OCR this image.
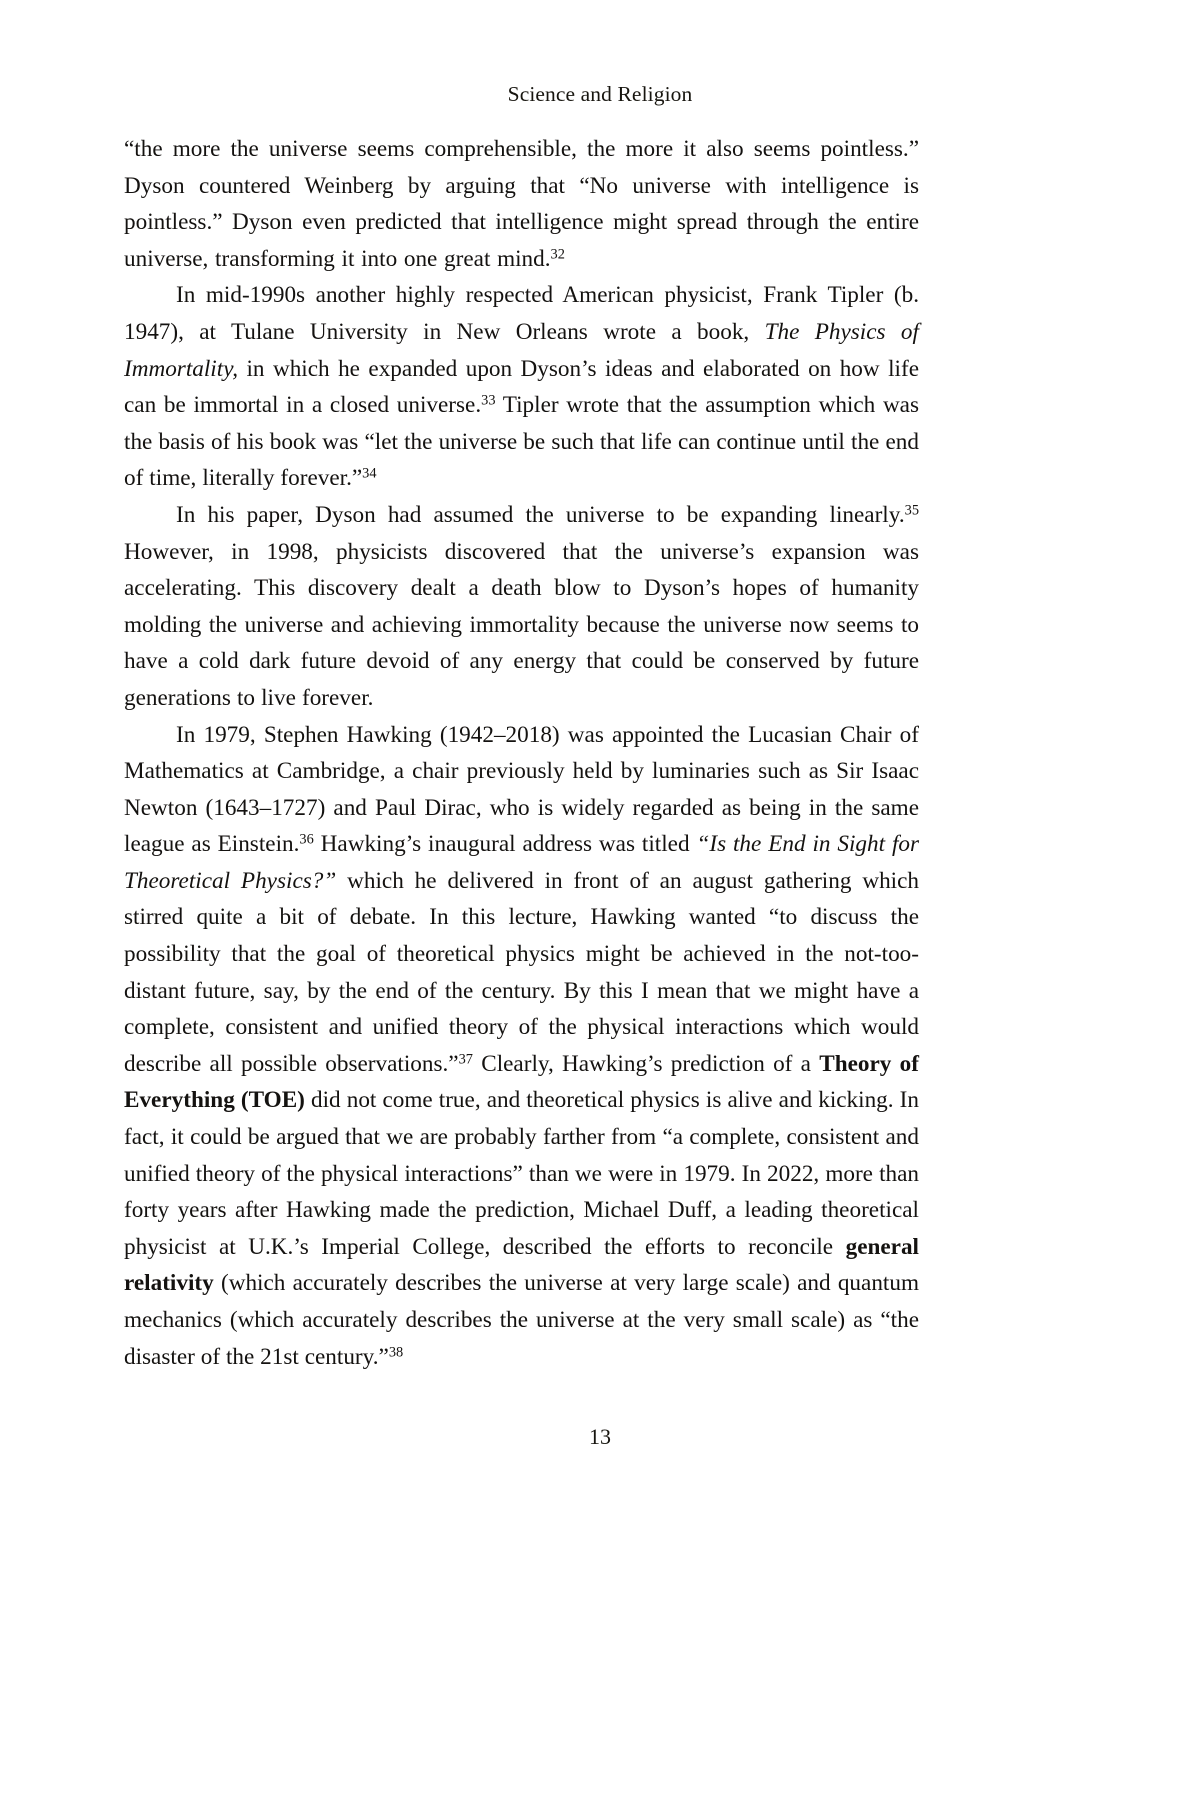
Science and Religion

“the more the universe seems comprehensible, the more it also seems pointless.” Dyson countered Weinberg by arguing that “No universe with intelligence is pointless.” Dyson even predicted that intelligence might spread through the entire universe, transforming it into one great mind.$^{32}$

In mid-1990s another highly respected American physicist, Frank Tipler (b. 1947), at Tulane University in New Orleans wrote a book, The Physics of Immortality, in which he expanded upon Dyson’s ideas and elaborated on how life can be immortal in a closed universe.$^{33}$ Tipler wrote that the assumption which was the basis of his book was “let the universe be such that life can continue until the end of time, literally forever.”$^{34}$

In his paper, Dyson had assumed the universe to be expanding linearly.$^{35}$ However, in 1998, physicists discovered that the universe’s expansion was accelerating. This discovery dealt a death blow to Dyson’s hopes of humanity molding the universe and achieving immortality because the universe now seems to have a cold dark future devoid of any energy that could be conserved by future generations to live forever.

In 1979, Stephen Hawking (1942–2018) was appointed the Lucasian Chair of Mathematics at Cambridge, a chair previously held by luminaries such as Sir Isaac Newton (1643–1727) and Paul Dirac, who is widely regarded as being in the same league as Einstein.$^{36}$ Hawking’s inaugural address was titled “Is the End in Sight for Theoretical Physics?” which he delivered in front of an august gathering which stirred quite a bit of debate. In this lecture, Hawking wanted “to discuss the possibility that the goal of theoretical physics might be achieved in the not-too-distant future, say, by the end of the century. By this I mean that we might have a complete, consistent and unified theory of the physical interactions which would describe all possible observations.”$^{37}$ Clearly, Hawking’s prediction of a Theory of Everything (TOE) did not come true, and theoretical physics is alive and kicking. In fact, it could be argued that we are probably farther from “a complete, consistent and unified theory of the physical interactions” than we were in 1979. In 2022, more than forty years after Hawking made the prediction, Michael Duff, a leading theoretical physicist at U.K.’s Imperial College, described the efforts to reconcile general relativity (which accurately describes the universe at very large scale) and quantum mechanics (which accurately describes the universe at the very small scale) as “the disaster of the 21st century.”$^{38}$

13
